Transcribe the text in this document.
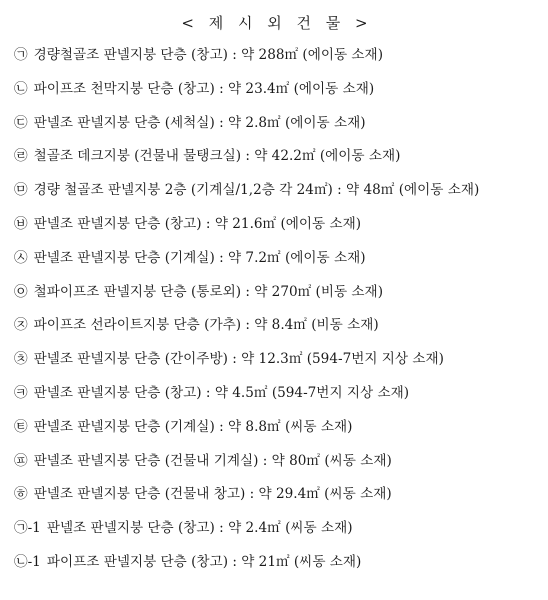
< 제 시 외 건 물 >
㉠ 경량철골조 판넬지붕 단층 (창고) : 약 288㎡ (에이동 소재)
㉡ 파이프조 천막지붕 단층 (창고) : 약 23.4㎡ (에이동 소재)
㉢ 판넬조 판넬지붕 단층 (세척실) : 약 2.8㎡ (에이동 소재)
㉣ 철골조 데크지붕 (건물내 물탱크실) : 약 42.2㎡ (에이동 소재)
㉤ 경량 철골조 판넬지붕 2층 (기계실/1,2층 각 24㎡) : 약 48㎡ (에이동 소재)
㉥ 판넬조 판넬지붕 단층 (창고) : 약 21.6㎡ (에이동 소재)
㉦ 판넬조 판넬지붕 단층 (기계실) : 약 7.2㎡ (에이동 소재)
㉧ 철파이프조 판넬지붕 단층 (통로외) : 약 270㎡ (비동 소재)
㉨ 파이프조 선라이트지붕 단층 (가추) : 약 8.4㎡ (비동 소재)
㉩ 판넬조 판넬지붕 단층 (간이주방) : 약 12.3㎡ (594-7번지 지상 소재)
㉪ 판넬조 판넬지붕 단층 (창고) : 약 4.5㎡ (594-7번지 지상 소재)
㉫ 판넬조 판넬지붕 단층 (기계실) : 약 8.8㎡ (씨동 소재)
㉬ 판넬조 판넬지붕 단층 (건물내 기계실) : 약 80㎡ (씨동 소재)
㉭ 판넬조 판넬지붕 단층 (건물내 창고) : 약 29.4㎡ (씨동 소재)
㉠-1 판넬조 판넬지붕 단층 (창고) : 약 2.4㎡ (씨동 소재)
㉡-1 파이프조 판넬지붕 단층 (창고) : 약 21㎡ (씨동 소재)
